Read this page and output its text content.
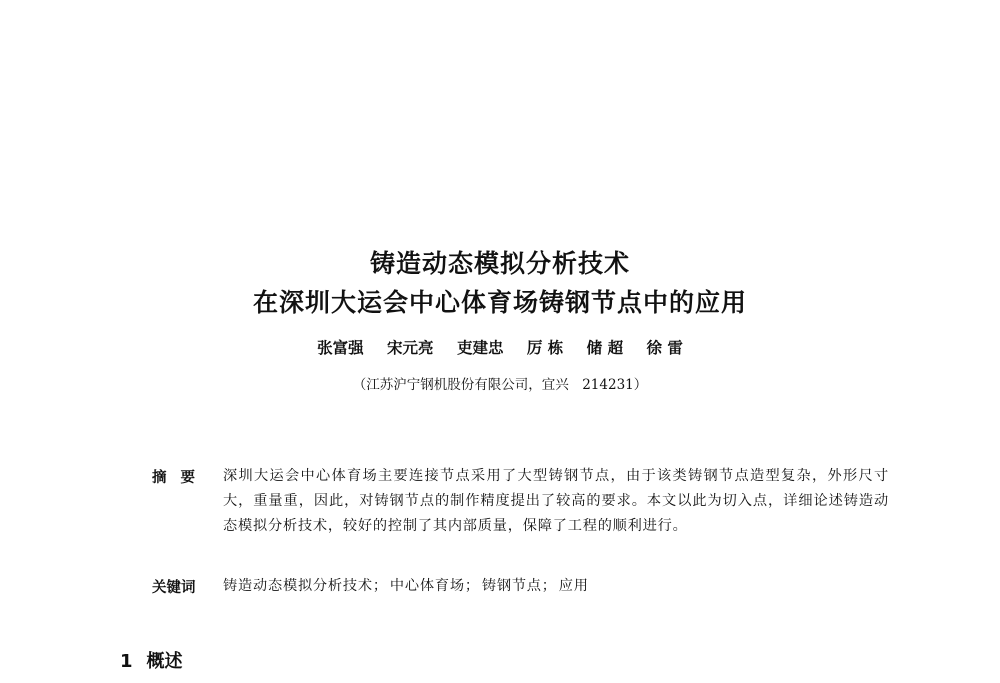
铸造动态模拟分析技术
在深圳大运会中心体育场铸钢节点中的应用
张富强 宋元亮 吏建忠 厉 栋 储 超 徐 雷
（江苏沪宁钢机股份有限公司，宜兴　214231）
摘要 深圳大运会中心体育场主要连接节点采用了大型铸钢节点，由于该类铸钢节点造型复杂，外形尺寸大，重量重，因此，对铸钢节点的制作精度提出了较高的要求。本文以此为切入点，详细论述铸造动态模拟分析技术，较好的控制了其内部质量，保障了工程的顺利进行。
关键词 铸造动态模拟分析技术； 中心体育场； 铸钢节点； 应用
1 概述
